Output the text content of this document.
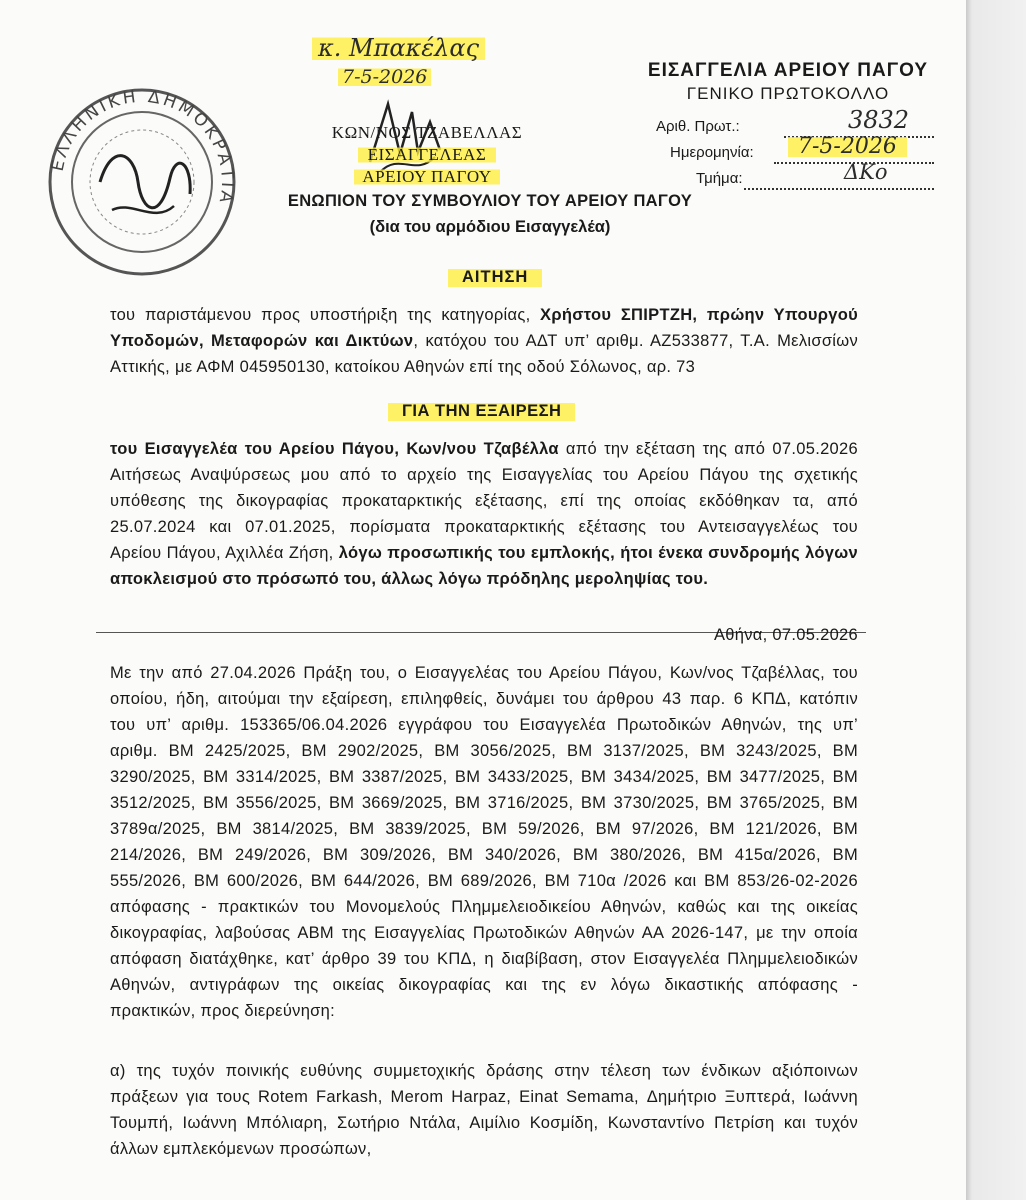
κ. Μπακέλας
7-5-2026
ΕΛΛΗΝΙΚΗ ΔΗΜΟΚΡΑΤΙΑ
ΚΩΝ/ΝΟΣ ΤΖΑΒΕΛΛΑΣ
ΕΙΣΑΓΓΕΛΕΑΣ
ΑΡΕΙΟΥ ΠΑΓΟΥ
ΕΙΣΑΓΓΕΛΙΑ ΑΡΕΙΟΥ ΠΑΓΟΥ
ΓΕΝΙΚΟ ΠΡΩΤΟΚΟΛΛΟ
Αριθ. Πρωτ.:	3832
Ημερομηνία:	7-5-2026
Τμήμα:	ΔΚο
ΕΝΩΠΙΟΝ ΤΟΥ ΣΥΜΒΟΥΛΙΟΥ ΤΟΥ ΑΡΕΙΟΥ ΠΑΓΟΥ
(δια του αρμόδιου Εισαγγελέα)
ΑΙΤΗΣΗ
του παριστάμενου προς υποστήριξη της κατηγορίας, Χρήστου ΣΠΙΡΤΖΗ, πρώην Υπουργού
Υποδομών, Μεταφορών και Δικτύων, κατόχου του ΑΔΤ υπ’ αριθμ. ΑΖ533877, Τ.Α. Μελισσίων
Αττικής, με ΑΦΜ 045950130, κατοίκου Αθηνών επί της οδού Σόλωνος, αρ. 73
ΓΙΑ ΤΗΝ ΕΞΑΙΡΕΣΗ
του Εισαγγελέα του Αρείου Πάγου, Κων/νου Τζαβέλλα από την εξέταση της από 07.05.2026
Αιτήσεως Αναψύρσεως μου από το αρχείο της Εισαγγελίας του Αρείου Πάγου της σχετικής
υπόθεσης της δικογραφίας προκαταρκτικής εξέτασης, επί της οποίας εκδόθηκαν τα, από
25.07.2024 και 07.01.2025, πορίσματα προκαταρκτικής εξέτασης του Αντεισαγγελέως του
Αρείου Πάγου, Αχιλλέα Ζήση, λόγω προσωπικής του εμπλοκής, ήτοι ένεκα συνδρομής λόγων
αποκλεισμού στο πρόσωπό του, άλλως λόγω πρόδηλης μεροληψίας του.
Αθήνα, 07.05.2026
Με την από 27.04.2026 Πράξη του, ο Εισαγγελέας του Αρείου Πάγου, Κων/νος Τζαβέλλας, του
οποίου, ήδη, αιτούμαι την εξαίρεση, επιληφθείς, δυνάμει του άρθρου 43 παρ. 6 ΚΠΔ, κατόπιν
του υπ’ αριθμ. 153365/06.04.2026 εγγράφου του Εισαγγελέα Πρωτοδικών Αθηνών, της υπ’
αριθμ. ΒΜ 2425/2025, ΒΜ 2902/2025, ΒΜ 3056/2025, ΒΜ 3137/2025, ΒΜ 3243/2025, ΒΜ
3290/2025, ΒΜ 3314/2025, ΒΜ 3387/2025, ΒΜ 3433/2025, ΒΜ 3434/2025, ΒΜ 3477/2025, ΒΜ
3512/2025, ΒΜ 3556/2025, ΒΜ 3669/2025, ΒΜ 3716/2025, ΒΜ 3730/2025, ΒΜ 3765/2025, ΒΜ
3789α/2025, ΒΜ 3814/2025, ΒΜ 3839/2025, ΒΜ 59/2026, ΒΜ 97/2026, ΒΜ 121/2026, ΒΜ
214/2026, ΒΜ 249/2026, ΒΜ 309/2026, ΒΜ 340/2026, ΒΜ 380/2026, ΒΜ 415α/2026, ΒΜ
555/2026, ΒΜ 600/2026, ΒΜ 644/2026, ΒΜ 689/2026, ΒΜ 710α /2026 και ΒΜ 853/26-02-2026
απόφασης - πρακτικών του Μονομελούς Πλημμελειοδικείου Αθηνών, καθώς και της οικείας
δικογραφίας, λαβούσας ΑΒΜ της Εισαγγελίας Πρωτοδικών Αθηνών ΑΑ 2026-147, με την οποία
απόφαση διατάχθηκε, κατ’ άρθρο 39 του ΚΠΔ, η διαβίβαση, στον Εισαγγελέα Πλημμελειοδικών
Αθηνών, αντιγράφων της οικείας δικογραφίας και της εν λόγω δικαστικής απόφασης -
πρακτικών, προς διερεύνηση:
α) της τυχόν ποινικής ευθύνης συμμετοχικής δράσης στην τέλεση των ένδικων αξιόποινων
πράξεων για τους Rotem Farkash, Merom Harpaz, Einat Semama, Δημήτριο Ξυπτερά, Ιωάννη
Τουμπή, Ιωάννη Μπόλιαρη, Σωτήριο Ντάλα, Αιμίλιο Κοσμίδη, Κωνσταντίνο Πετρίση και τυχόν
άλλων εμπλεκόμενων προσώπων,
